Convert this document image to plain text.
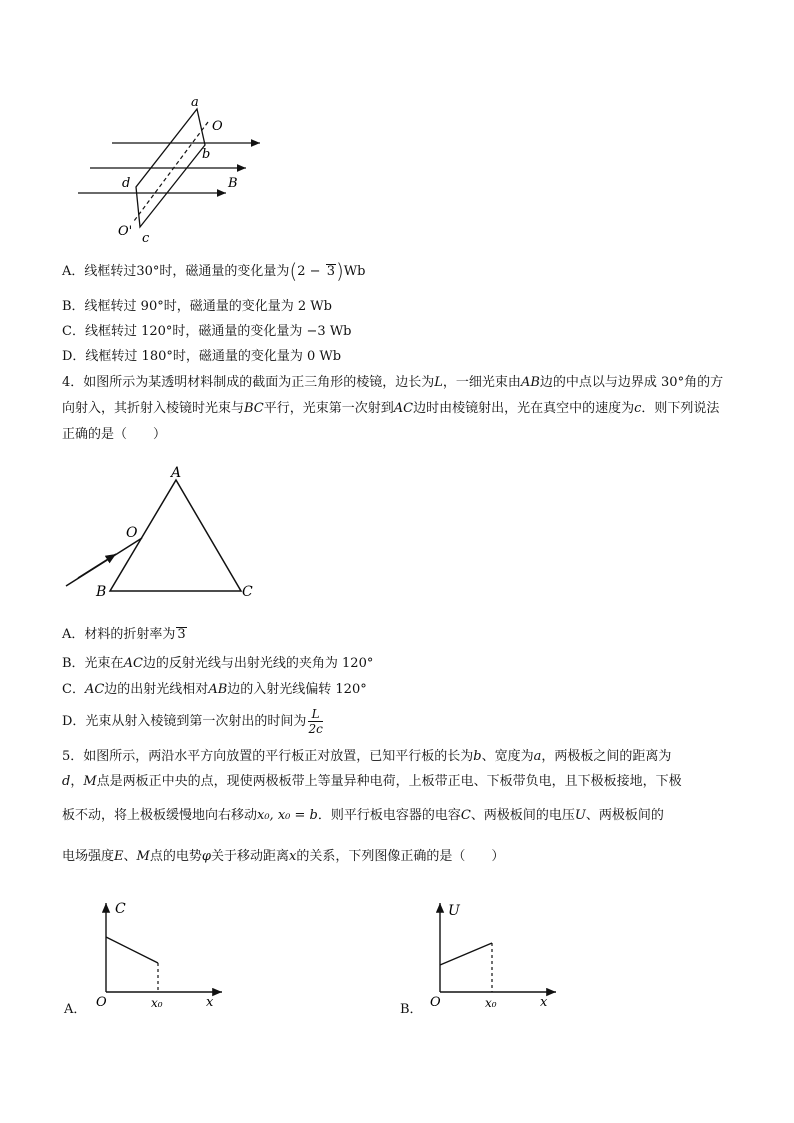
a
O
b
d	B
O' c
A．线框转过30°时，磁通量的变化量为(2 − 3)Wb
B．线框转过 90°时，磁通量的变化量为 2 Wb
C．线框转过 120°时，磁通量的变化量为 −3 Wb
D．线框转过 180°时，磁通量的变化量为 0 Wb
4．如图所示为某透明材料制成的截面为正三角形的棱镜，边长为L，一细光束由AB边的中点以与边界成 30°角的方向射入，其折射入棱镜时光束与BC平行，光束第一次射到AC边时由棱镜射出，光在真空中的速度为c．则下列说法正确的是（　　）
A
O
B	C
A．材料的折射率为 3
B．光束在AC边的反射光线与出射光线的夹角为 120°
C．AC边的出射光线相对AB边的入射光线偏转 120°
D．光束从射入棱镜到第一次射出的时间为 $\frac{L}{2c}$
5．如图所示，两沿水平方向放置的平行板正对放置，已知平行板的长为b、宽度为a，两极板之间的距离为
d，M点是两板正中央的点，现使两极板带上等量异种电荷，上板带正电、下板带负电，且下极板接地，下极
板不动，将上极板缓慢地向右移动x₀, x₀ = b．则平行板电容器的电容C、两极板间的电压U、两极板间的
电场强度E、M点的电势φ关于移动距离x的关系，下列图像正确的是（　　）
A．
C
O	x₀	x	B．
U
O	x₀	x
